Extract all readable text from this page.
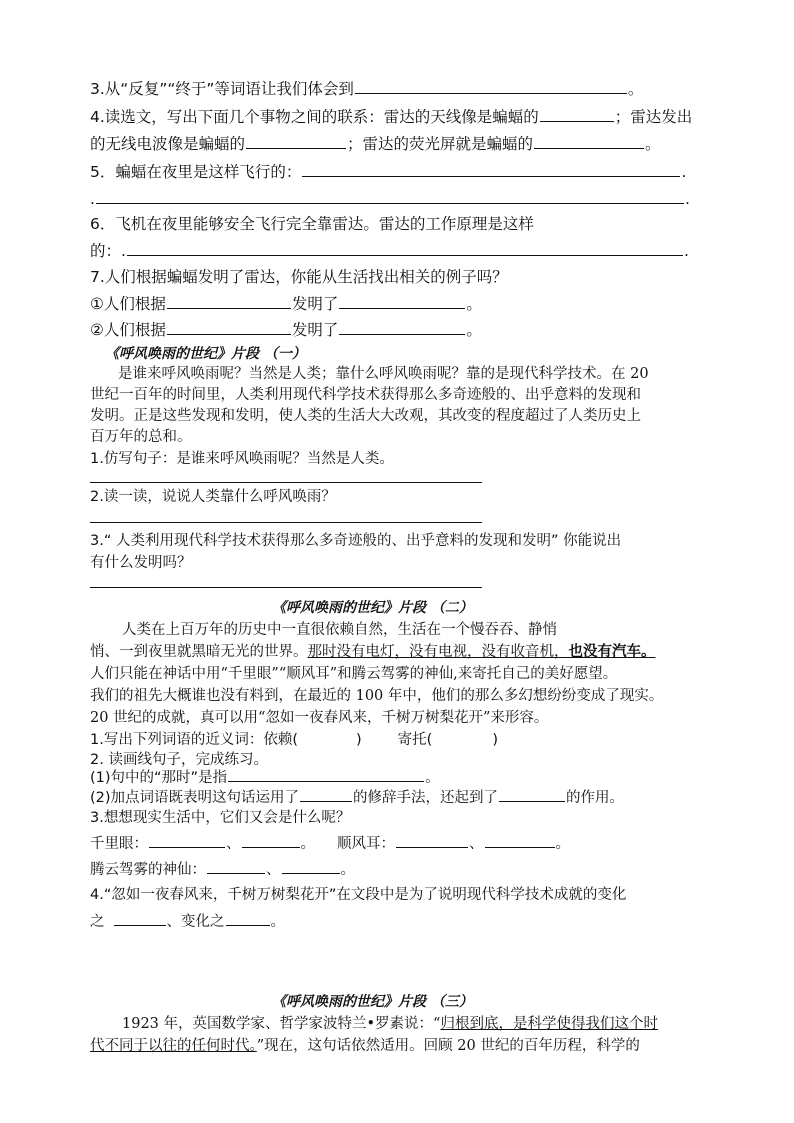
3.从“反复”“终于”等词语让我们体会到	。
4.读选文，写出下面几个事物之间的联系：雷达的天线像是蝙蝠的	；雷达发出
的无线电波像是蝙蝠的	；雷达的荧光屏就是蝙蝠的	。
5．蝙蝠在夜里是这样飞行的：	.
.	.
6．飞机在夜里能够安全飞行完全靠雷达。雷达的工作原理是这样
的：.	.
7.人们根据蝙蝠发明了雷达，你能从生活找出相关的例子吗？
①人们根据	发明了	。
②人们根据	发明了	。
《呼风唤雨的世纪》片段 （一）
是谁来呼风唤雨呢？当然是人类；靠什么呼风唤雨呢？靠的是现代科学技术。在 20
世纪一百年的时间里，人类利用现代科学技术获得那么多奇迹般的、出乎意料的发现和
发明。正是这些发现和发明，使人类的生活大大改观，其改变的程度超过了人类历史上
百万年的总和。
1.仿写句子：是谁来呼风唤雨呢？当然是人类。
2.读一读，说说人类靠什么呼风唤雨？
3.“ 人类利用现代科学技术获得那么多奇迹般的、出乎意料的发现和发明” 你能说出
有什么发明吗？
《呼风唤雨的世纪》片段 （二）
人类在上百万年的历史中一直很依赖自然，生活在一个慢吞吞、静悄
悄、一到夜里就黑暗无光的世界。那时没有电灯，没有电视，没有收音机，也没有汽车。
人们只能在神话中用“千里眼”“顺风耳”和腾云驾雾的神仙,来寄托自己的美好愿望。
我们的祖先大概谁也没有料到，在最近的 100 年中，他们的那么多幻想纷纷变成了现实。
20 世纪的成就，真可以用“忽如一夜春风来，千树万树梨花开”来形容。
1.写出下列词语的近义词：依赖(	) 寄托(	)
2. 读画线句子，完成练习。
(1)句中的“那时”是指	。
(2)加点词语既表明这句话运用了	的修辞手法，还起到了	的作用。
3.想想现实生活中，它们又会是什么呢？
千里眼：	、	。 顺风耳：	、	。
腾云驾雾的神仙：	、	。
4.“忽如一夜春风来，千树万树梨花开”在文段中是为了说明现代科学技术成就的变化
之	、变化之	。
《呼风唤雨的世纪》片段 （三）
1923 年，英国数学家、哲学家波特兰•罗素说：“归根到底，是科学使得我们这个时
代不同于以往的任何时代。”现在，这句话依然适用。回顾 20 世纪的百年历程，科学的
